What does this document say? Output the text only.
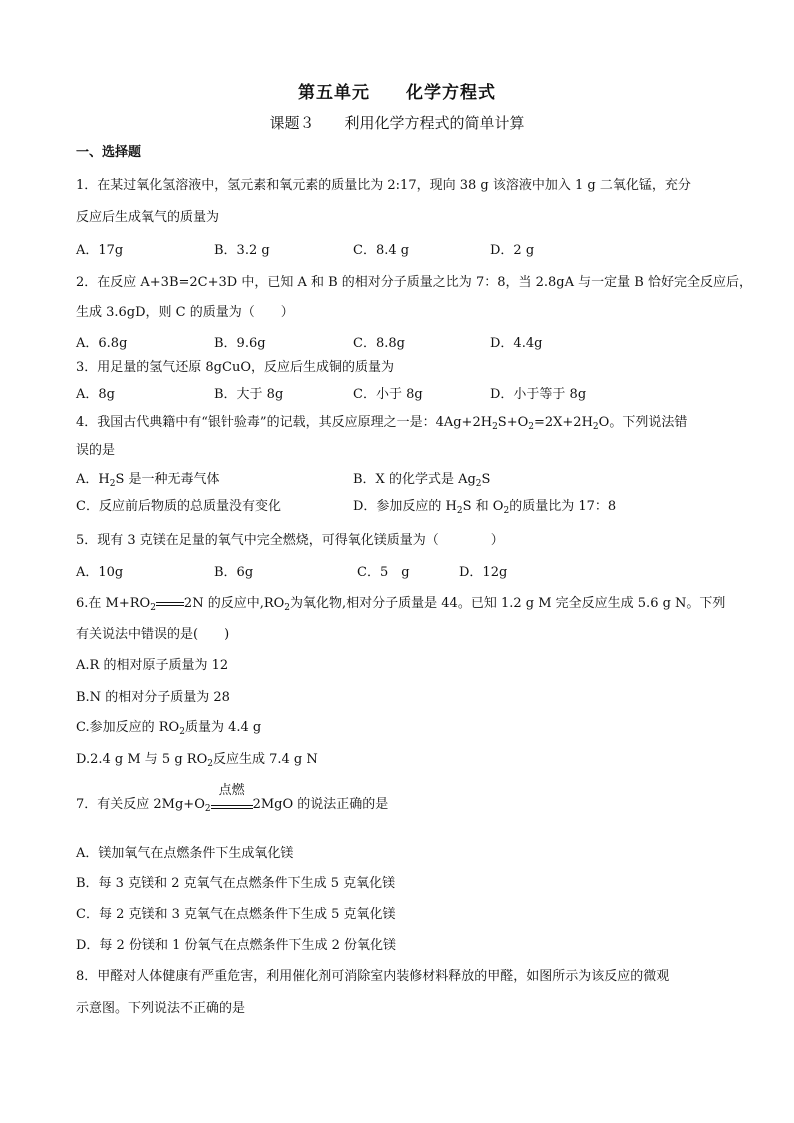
第五单元　　化学方程式
课题３　　利用化学方程式的简单计算
一、选择题
1．在某过氧化氢溶液中，氢元素和氧元素的质量比为 2:17，现向 38 g 该溶液中加入 1 g 二氧化锰，充分
反应后生成氧气的质量为
A．17g	B．3.2 g	C．8.4 g	D．2 g
2．在反应 A+3B=2C+3D 中，已知 A 和 B 的相对分子质量之比为 7：8，当 2.8gA 与一定量 B 恰好完全反应后，
生成 3.6gD，则 C 的质量为（　　）
A．6.8g	B．9.6g	C．8.8g	D．4.4g
3．用足量的氢气还原 8gCuO，反应后生成铜的质量为
A．8g	B．大于 8g	C．小于 8g	D．小于等于 8g
4．我国古代典籍中有“银针验毒”的记载，其反应原理之一是：$4Ag+2H_2S+O_2=2X+2H_2O$。下列说法错
误的是
A．$H_2S$ 是一种无毒气体	B．X 的化学式是 $Ag_2S$
C．反应前后物质的总质量没有变化	D．参加反应的 $H_2S$ 和 $O_2$的质量比为 17：8
5．现有 3 克镁在足量的氧气中完全燃烧，可得氧化镁质量为（　　　　）
A．10g	B．6g	C．5　g	D．12g
6.在 $M+RO_2$ 2N 的反应中$,RO_2$为氧化物,相对分子质量是 44。已知 1.2 g M 完全反应生成 5.6 g N。下列
有关说法中错误的是(　　)
A.R 的相对原子质量为 12
B.N 的相对分子质量为 28
C.参加反应的 $RO_2$质量为 4.4 g
D.2.4 g M 与 5 g $RO_2$反应生成 7.4 g N
7．有关反应 $2Mg+O_2$
点燃
2MgO 的说法正确的是
A．镁加氧气在点燃条件下生成氧化镁
B．每 3 克镁和 2 克氧气在点燃条件下生成 5 克氧化镁
C．每 2 克镁和 3 克氧气在点燃条件下生成 5 克氧化镁
D．每 2 份镁和 1 份氧气在点燃条件下生成 2 份氧化镁
8．甲醛对人体健康有严重危害，利用催化剂可消除室内装修材料释放的甲醛，如图所示为该反应的微观
示意图。下列说法不正确的是
